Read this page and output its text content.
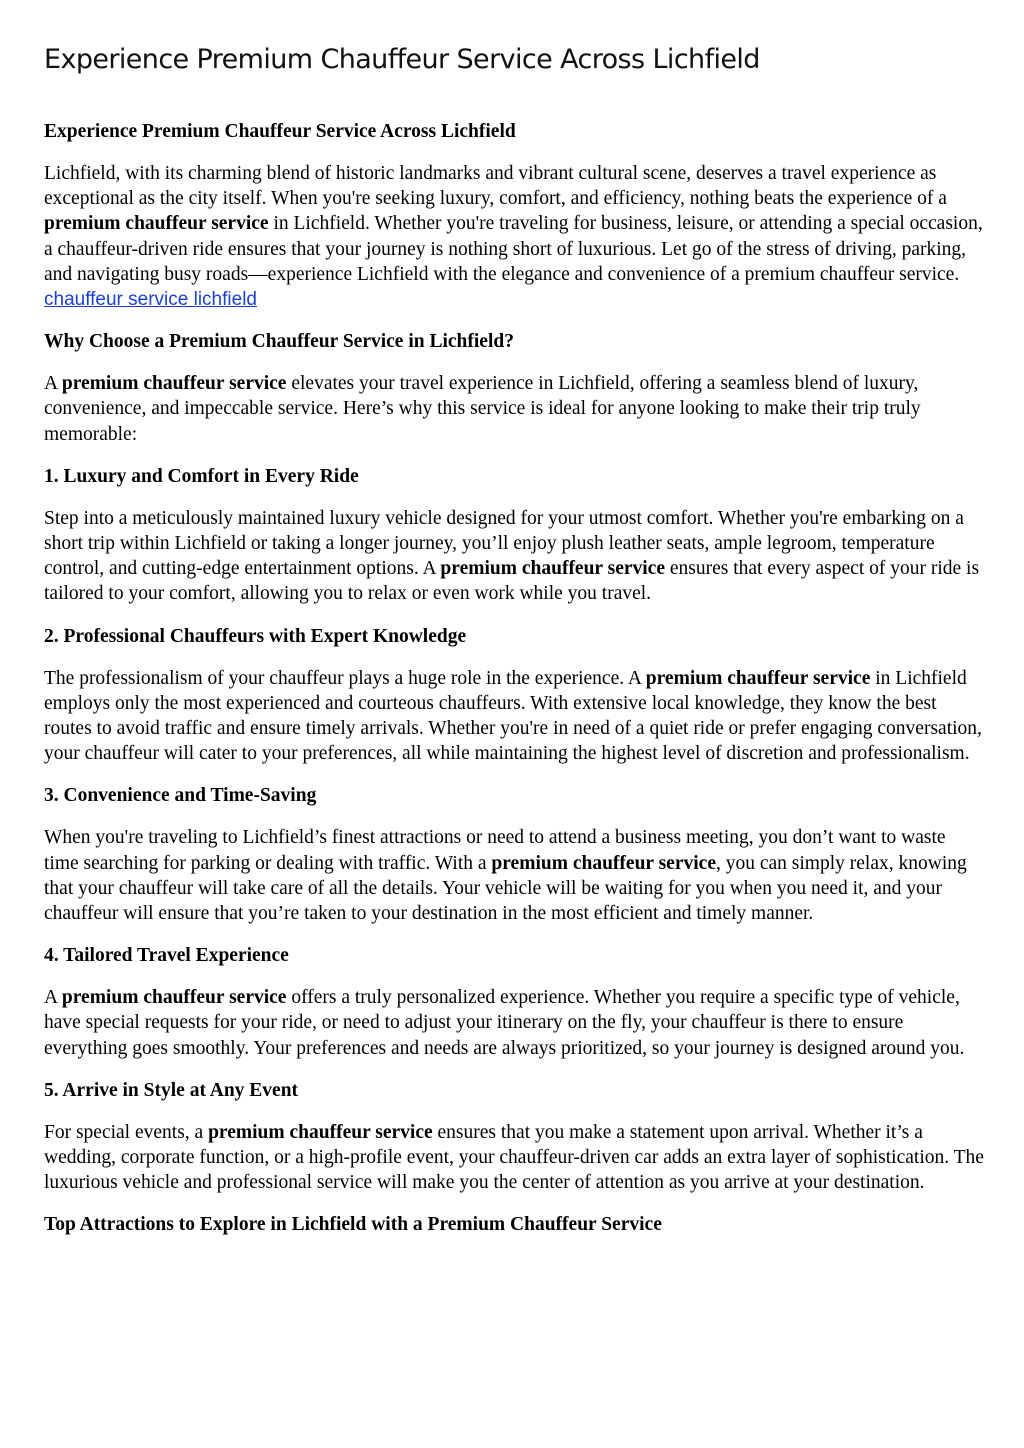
Experience Premium Chauffeur Service Across Lichfield
Experience Premium Chauffeur Service Across Lichfield

Lichfield, with its charming blend of historic landmarks and vibrant cultural scene, deserves a travel experience as exceptional as the city itself. When you're seeking luxury, comfort, and efficiency, nothing beats the experience of a premium chauffeur service in Lichfield. Whether you're traveling for business, leisure, or attending a special occasion, a chauffeur-driven ride ensures that your journey is nothing short of luxurious. Let go of the stress of driving, parking, and navigating busy roads—experience Lichfield with the elegance and convenience of a premium chauffeur service. chauffeur service lichfield

Why Choose a Premium Chauffeur Service in Lichfield?

A premium chauffeur service elevates your travel experience in Lichfield, offering a seamless blend of luxury, convenience, and impeccable service. Here’s why this service is ideal for anyone looking to make their trip truly memorable:

1. Luxury and Comfort in Every Ride

Step into a meticulously maintained luxury vehicle designed for your utmost comfort. Whether you're embarking on a short trip within Lichfield or taking a longer journey, you’ll enjoy plush leather seats, ample legroom, temperature control, and cutting-edge entertainment options. A premium chauffeur service ensures that every aspect of your ride is tailored to your comfort, allowing you to relax or even work while you travel.

2. Professional Chauffeurs with Expert Knowledge

The professionalism of your chauffeur plays a huge role in the experience. A premium chauffeur service in Lichfield employs only the most experienced and courteous chauffeurs. With extensive local knowledge, they know the best routes to avoid traffic and ensure timely arrivals. Whether you're in need of a quiet ride or prefer engaging conversation, your chauffeur will cater to your preferences, all while maintaining the highest level of discretion and professionalism.

3. Convenience and Time-Saving

When you're traveling to Lichfield’s finest attractions or need to attend a business meeting, you don’t want to waste time searching for parking or dealing with traffic. With a premium chauffeur service, you can simply relax, knowing that your chauffeur will take care of all the details. Your vehicle will be waiting for you when you need it, and your chauffeur will ensure that you’re taken to your destination in the most efficient and timely manner.

4. Tailored Travel Experience

A premium chauffeur service offers a truly personalized experience. Whether you require a specific type of vehicle, have special requests for your ride, or need to adjust your itinerary on the fly, your chauffeur is there to ensure everything goes smoothly. Your preferences and needs are always prioritized, so your journey is designed around you.

5. Arrive in Style at Any Event

For special events, a premium chauffeur service ensures that you make a statement upon arrival. Whether it’s a wedding, corporate function, or a high-profile event, your chauffeur-driven car adds an extra layer of sophistication. The luxurious vehicle and professional service will make you the center of attention as you arrive at your destination.

Top Attractions to Explore in Lichfield with a Premium Chauffeur Service
